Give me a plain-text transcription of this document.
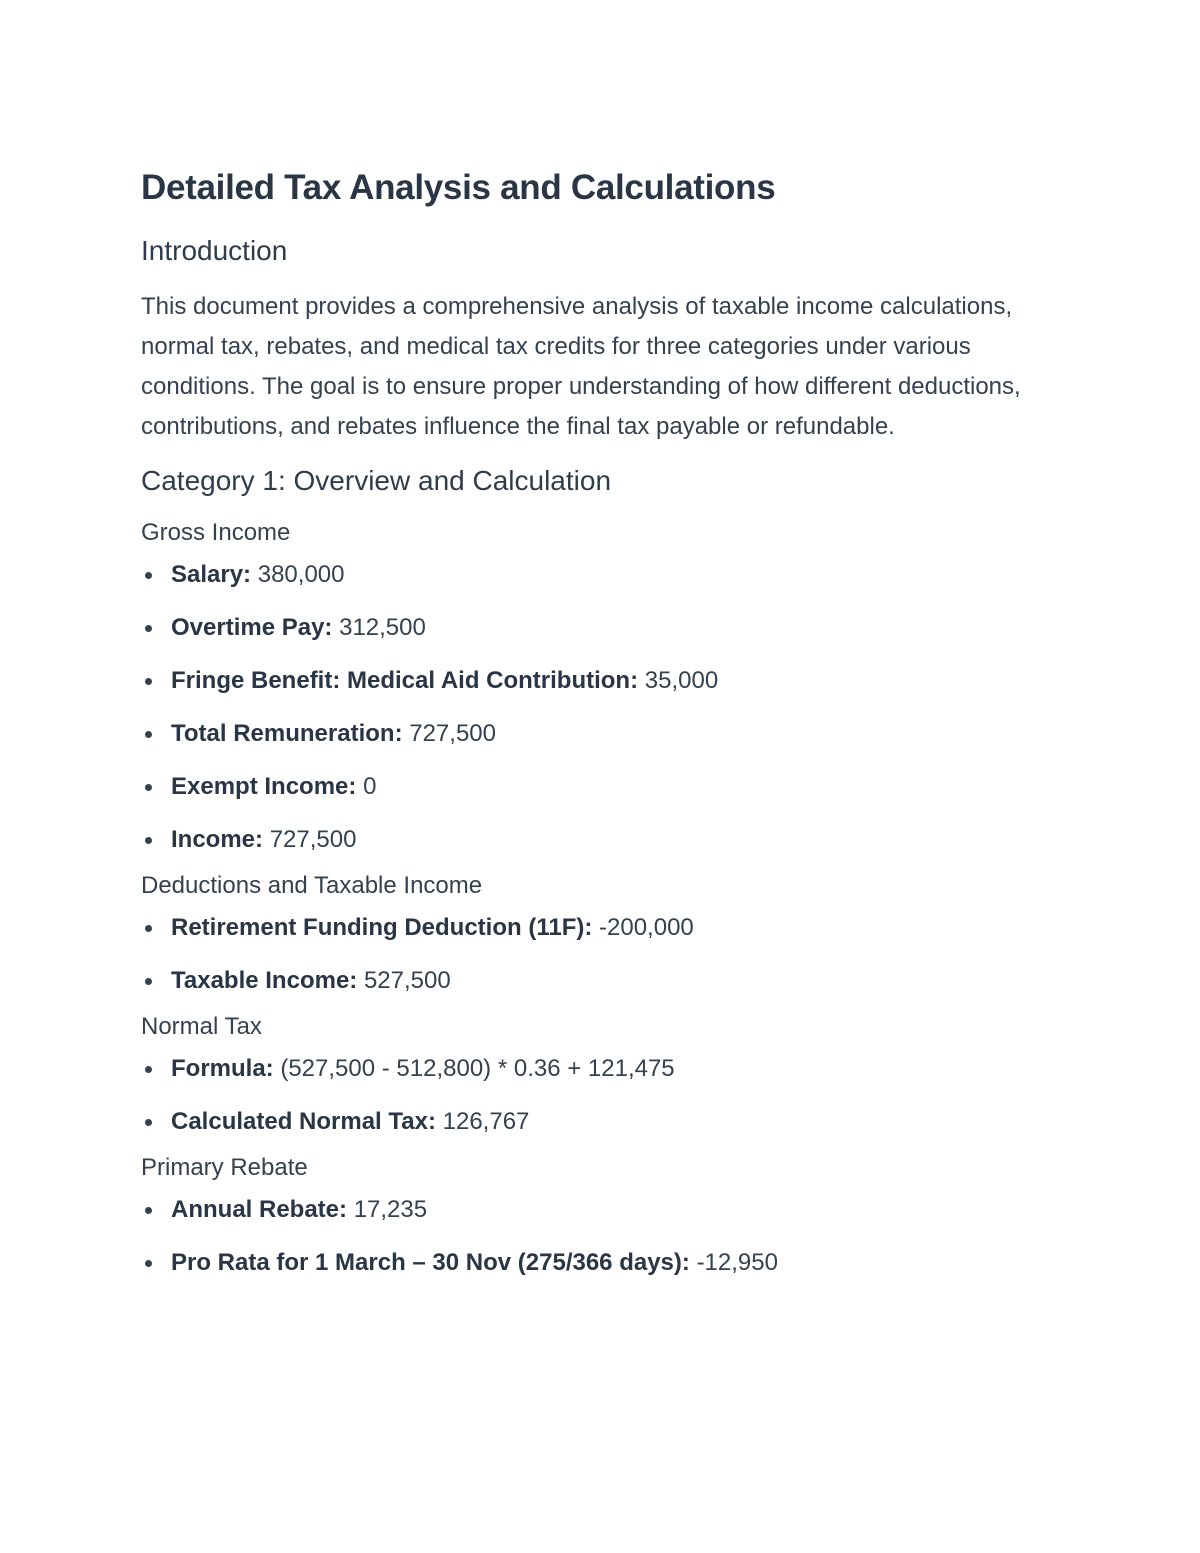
Detailed Tax Analysis and Calculations
Introduction

This document provides a comprehensive analysis of taxable income calculations, normal tax, rebates, and medical tax credits for three categories under various conditions. The goal is to ensure proper understanding of how different deductions, contributions, and rebates influence the final tax payable or refundable.

Category 1: Overview and Calculation
Gross Income
Salary: 380,000
Overtime Pay: 312,500
Fringe Benefit: Medical Aid Contribution: 35,000
Total Remuneration: 727,500
Exempt Income: 0
Income: 727,500
Deductions and Taxable Income
Retirement Funding Deduction (11F): -200,000
Taxable Income: 527,500
Normal Tax
Formula: (527,500 - 512,800) * 0.36 + 121,475
Calculated Normal Tax: 126,767
Primary Rebate
Annual Rebate: 17,235
Pro Rata for 1 March – 30 Nov (275/366 days): -12,950
